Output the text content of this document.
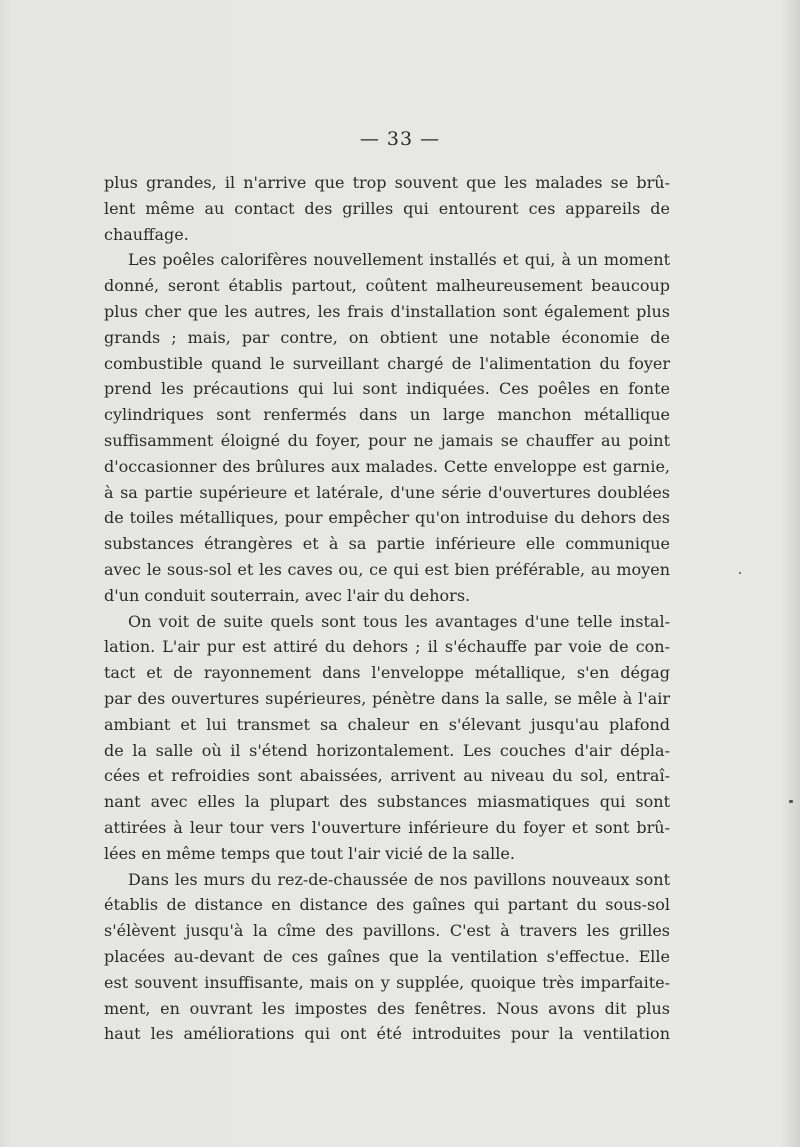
— 33 —

plus grandes, il n'arrive que trop souvent que les malades se brû-
lent même au contact des grilles qui entourent ces appareils de
chauffage.

Les poêles calorifères nouvellement installés et qui, à un moment
donné, seront établis partout, coûtent malheureusement beaucoup
plus cher que les autres, les frais d'installation sont également plus
grands ; mais, par contre, on obtient une notable économie de
combustible quand le surveillant chargé de l'alimentation du foyer
prend les précautions qui lui sont indiquées. Ces poêles en fonte
cylindriques sont renfermés dans un large manchon métallique
suffisamment éloigné du foyer, pour ne jamais se chauffer au point
d'occasionner des brûlures aux malades. Cette enveloppe est garnie,
à sa partie supérieure et latérale, d'une série d'ouvertures doublées
de toiles métalliques, pour empêcher qu'on introduise du dehors des
substances étrangères et à sa partie inférieure elle communique
avec le sous-sol et les caves ou, ce qui est bien préférable, au moyen
d'un conduit souterrain, avec l'air du dehors.

On voit de suite quels sont tous les avantages d'une telle instal-
lation. L'air pur est attiré du dehors ; il s'échauffe par voie de con-
tact et de rayonnement dans l'enveloppe métallique, s'en dégag
par des ouvertures supérieures, pénètre dans la salle, se mêle à l'air
ambiant et lui transmet sa chaleur en s'élevant jusqu'au plafond
de la salle où il s'étend horizontalement. Les couches d'air dépla-
cées et refroidies sont abaissées, arrivent au niveau du sol, entraî-
nant avec elles la plupart des substances miasmatiques qui sont
attirées à leur tour vers l'ouverture inférieure du foyer et sont brû-
lées en même temps que tout l'air vicié de la salle.

Dans les murs du rez-de-chaussée de nos pavillons nouveaux sont
établis de distance en distance des gaînes qui partant du sous-sol
s'élèvent jusqu'à la cîme des pavillons. C'est à travers les grilles
placées au-devant de ces gaînes que la ventilation s'effectue. Elle
est souvent insuffisante, mais on y supplée, quoique très imparfaite-
ment, en ouvrant les impostes des fenêtres. Nous avons dit plus
haut les améliorations qui ont été introduites pour la ventilation
